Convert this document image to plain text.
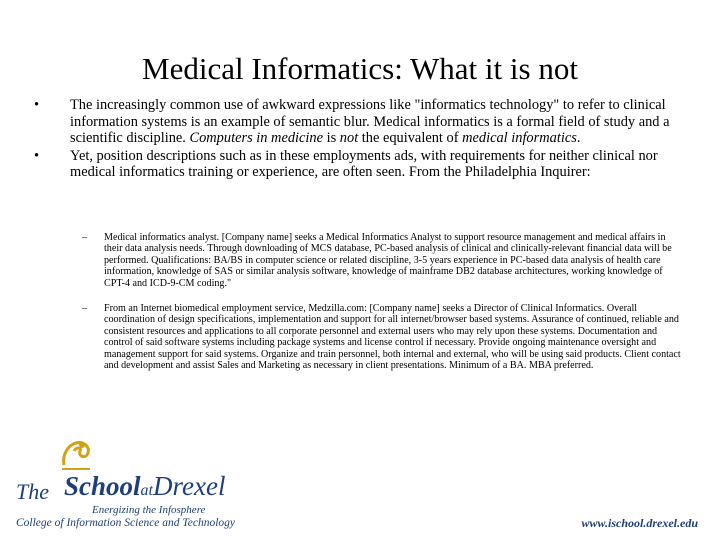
Medical Informatics: What it is not
•	The increasingly common use of awkward expressions like "informatics technology" to refer to clinical information systems is an example of semantic blur. Medical informatics is a formal field of study and a scientific discipline. Computers in medicine is not the equivalent of medical informatics.
•	Yet, position descriptions such as in these employments ads, with requirements for neither clinical nor medical informatics training or experience, are often seen. From the Philadelphia Inquirer:
– Medical informatics analyst. [Company name] seeks a Medical Informatics Analyst to support resource management and medical affairs in their data analysis needs. Through downloading of MCS database, PC-based analysis of clinical and clinically-relevant financial data will be performed. Qualifications: BA/BS in computer science or related discipline, 3-5 years experience in PC-based data analysis of health care information, knowledge of SAS or similar analysis software, knowledge of mainframe DB2 database architectures, working knowledge of CPT-4 and ICD-9-CM coding."
– From an Internet biomedical employment service, Medzilla.com: [Company name] seeks a Director of Clinical Informatics. Overall coordination of design specifications, implementation and support for all internet/browser based systems. Assurance of continued, reliable and consistent resources and applications to all corporate personnel and external users who may rely upon these systems. Documentation and control of said software systems including package systems and license control if necessary. Provide ongoing maintenance oversight and management support for said systems. Organize and train personnel, both internal and external, who will be using said products. Client contact and development and assist Sales and Marketing as necessary in client presentations. Minimum of a BA. MBA preferred.
The SchoolatDrexel
Energizing the Infosphere
College of Information Science and Technology	www.ischool.drexel.edu
